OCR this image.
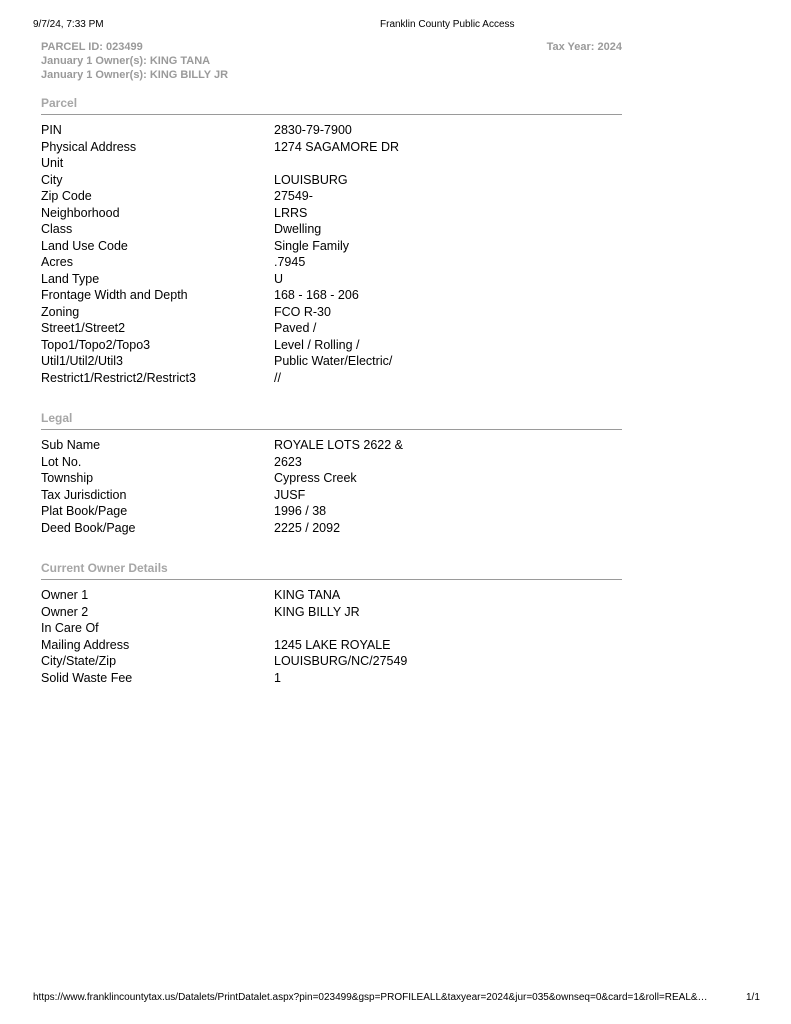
9/7/24, 7:33 PM	Franklin County Public Access
PARCEL ID: 023499
January 1 Owner(s): KING TANA
January 1 Owner(s): KING BILLY JR
Tax Year: 2024
Parcel
PIN	2830-79-7900
Physical Address	1274 SAGAMORE DR
Unit
City	LOUISBURG
Zip Code	27549-
Neighborhood	LRRS
Class	Dwelling
Land Use Code	Single Family
Acres	.7945
Land Type	U
Frontage Width and Depth	168 - 168 - 206
Zoning	FCO R-30
Street1/Street2	Paved /
Topo1/Topo2/Topo3	Level / Rolling /
Util1/Util2/Util3	Public Water/Electric/
Restrict1/Restrict2/Restrict3	//
Legal
Sub Name	ROYALE LOTS 2622 &
Lot No.	2623
Township	Cypress Creek
Tax Jurisdiction	JUSF
Plat Book/Page	1996 / 38
Deed Book/Page	2225 / 2092
Current Owner Details
Owner 1	KING TANA
Owner 2	KING BILLY JR
In Care Of
Mailing Address	1245 LAKE ROYALE
City/State/Zip	LOUISBURG/NC/27549
Solid Waste Fee	1
https://www.franklincountytax.us/Datalets/PrintDatalet.aspx?pin=023499&gsp=PROFILEALL&taxyear=2024&jur=035&ownseq=0&card=1&roll=REAL&…	1/1
